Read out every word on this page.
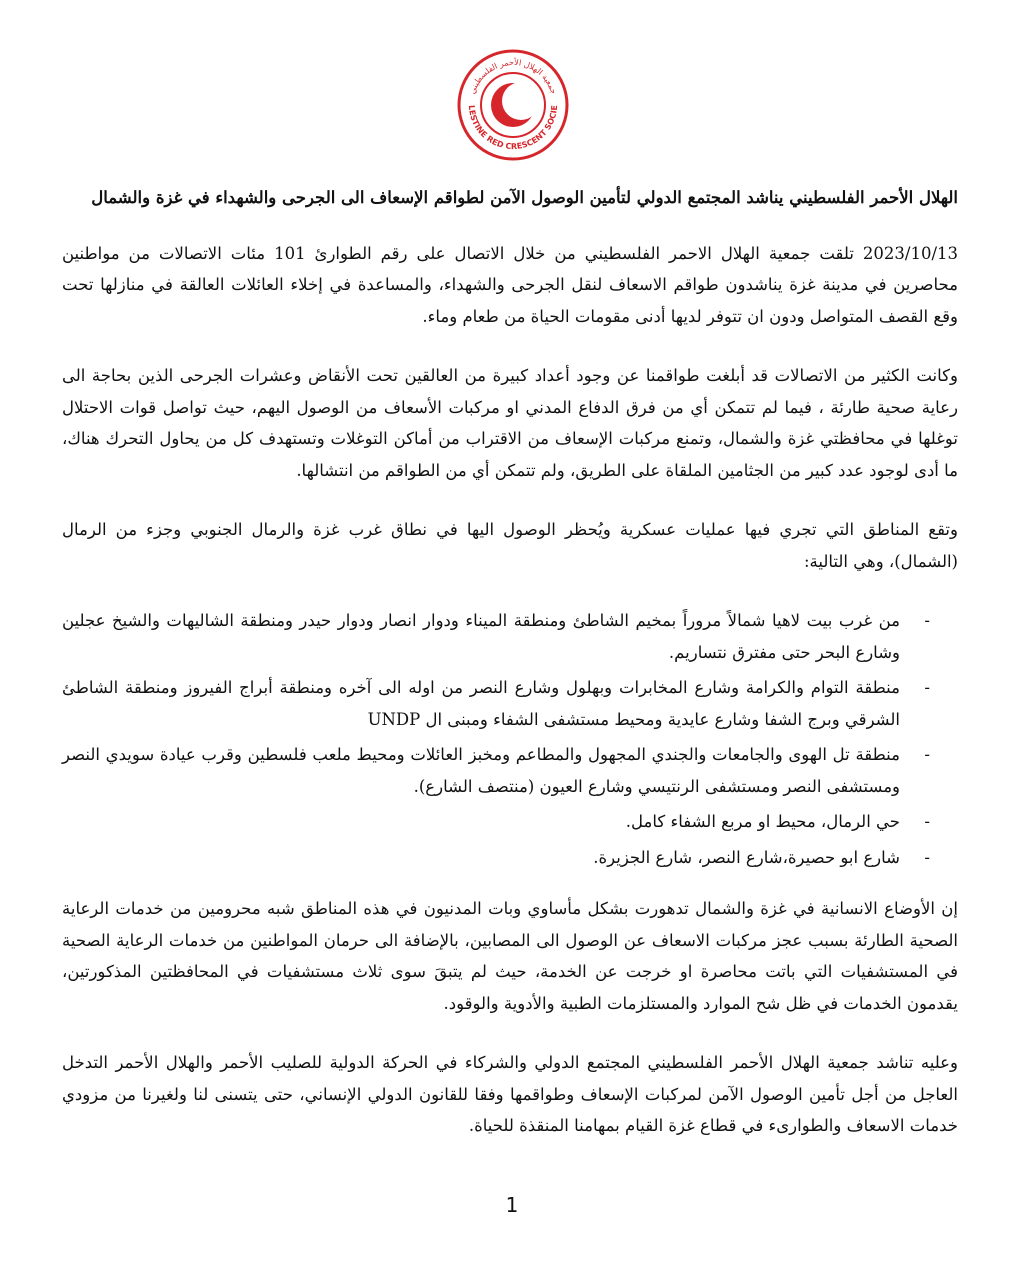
LESTINE RED CRESCENT SOCIE
جمعية الهلال الأحمر الفلسطيني
الهلال الأحمر الفلسطيني يناشد المجتمع الدولي لتأمين الوصول الآمن لطواقم الإسعاف الى الجرحى والشهداء في غزة والشمال

2023/10/13 تلقت جمعية الهلال الاحمر الفلسطيني من خلال الاتصال على رقم الطوارئ 101 مئات الاتصالات من مواطنين محاصرين في مدينة غزة يناشدون طواقم الاسعاف لنقل الجرحى والشهداء، والمساعدة في إخلاء العائلات العالقة في منازلها تحت وقع القصف المتواصل ودون ان تتوفر لديها أدنى مقومات الحياة من طعام وماء.

وكانت الكثير من الاتصالات قد أبلغت طواقمنا عن وجود أعداد كبيرة من العالقين تحت الأنقاض وعشرات الجرحى الذين بحاجة الى رعاية صحية طارئة ، فيما لم تتمكن أي من فرق الدفاع المدني او مركبات الأسعاف من الوصول اليهم، حيث تواصل قوات الاحتلال توغلها في محافظتي غزة والشمال، وتمنع مركبات الإسعاف من الاقتراب من أماكن التوغلات وتستهدف كل من يحاول التحرك هناك، ما أدى لوجود عدد كبير من الجثامين الملقاة على الطريق، ولم تتمكن أي من الطواقم من انتشالها.

وتقع المناطق التي تجري فيها عمليات عسكرية ويُحظر الوصول اليها في نطاق غرب غزة والرمال الجنوبي وجزء من الرمال (الشمال)، وهي التالية:

-
من غرب بيت لاهيا شمالاً مروراً بمخيم الشاطئ ومنطقة الميناء ودوار انصار ودوار حيدر ومنطقة الشاليهات والشيخ عجلين وشارع البحر حتى مفترق نتساريم.
-
منطقة التوام والكرامة وشارع المخابرات وبهلول وشارع النصر من اوله الى آخره ومنطقة أبراج الفيروز ومنطقة الشاطئ الشرقي وبرج الشفا وشارع عايدية ومحيط مستشفى الشفاء ومبنى ال UNDP
-
منطقة تل الهوى والجامعات والجندي المجهول والمطاعم ومخبز العائلات ومحيط ملعب فلسطين وقرب عيادة سويدي النصر ومستشفى النصر ومستشفى الرنتيسي وشارع العيون (منتصف الشارع).
-
حي الرمال، محيط او مربع الشفاء كامل.
-
شارع ابو حصيرة،شارع النصر، شارع الجزيرة.

إن الأوضاع الانسانية في غزة والشمال تدهورت بشكل مأساوي وبات المدنيون في هذه المناطق شبه محرومين من خدمات الرعاية الصحية الطارئة بسبب عجز مركبات الاسعاف عن الوصول الى المصابين، بالإضافة الى حرمان المواطنين من خدمات الرعاية الصحية في المستشفيات التي باتت محاصرة او خرجت عن الخدمة، حيث لم يتبقَ سوى ثلاث مستشفيات في المحافظتين المذكورتين، يقدمون الخدمات في ظل شح الموارد والمستلزمات الطبية والأدوية والوقود.

وعليه تناشد جمعية الهلال الأحمر الفلسطيني المجتمع الدولي والشركاء في الحركة الدولية للصليب الأحمر والهلال الأحمر التدخل العاجل من أجل تأمين الوصول الآمن لمركبات الإسعاف وطواقمها وفقا للقانون الدولي الإنساني، حتى يتسنى لنا ولغيرنا من مزودي خدمات الاسعاف والطوارىء في قطاع غزة القيام بمهامنا المنقذة للحياة.

1
